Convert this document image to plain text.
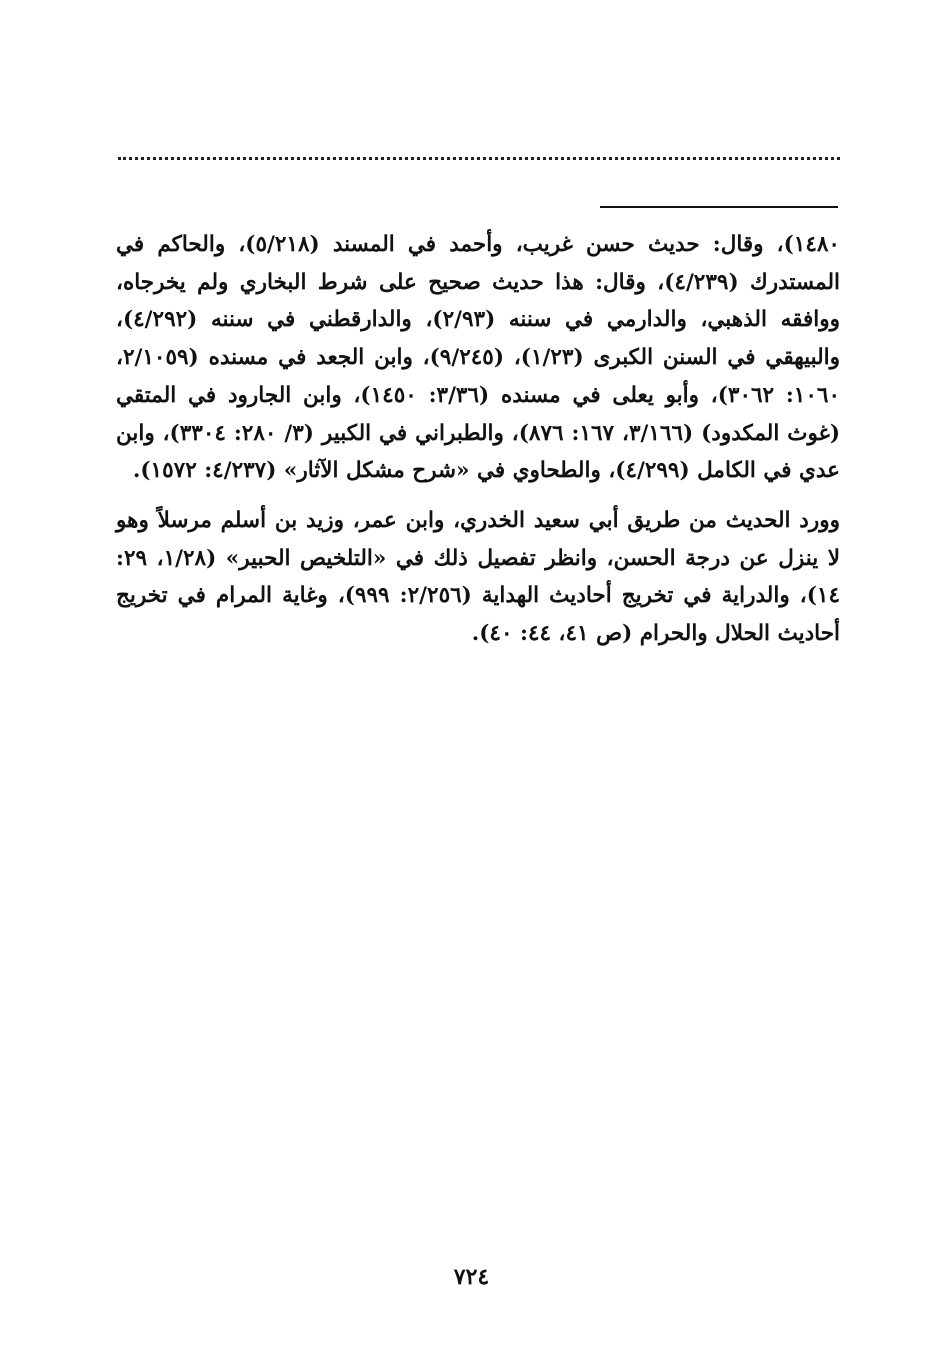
١٤٨٠)، وقال: حديث حسن غريب، وأحمد في المسند (٥/٢١٨)، والحاكم في المستدرك (٤/٢٣٩)، وقال: هذا حديث صحيح على شرط البخاري ولم يخرجاه، ووافقه الذهبي، والدارمي في سننه (٢/٩٣)، والدارقطني في سننه (٤/٢٩٢)، والبيهقي في السنن الكبرى (١/٢٣)، (٩/٢٤٥)، وابن الجعد في مسنده (٢/١٠٥٩، ١٠٦٠: ٣٠٦٢)، وأبو يعلى في مسنده (٣/٣٦: ١٤٥٠)، وابن الجارود في المتقي (غوث المكدود) (٣/١٦٦، ١٦٧: ٨٧٦)، والطبراني في الكبير (٣/ ٢٨٠: ٣٣٠٤)، وابن عدي في الكامل (٤/٢٩٩)، والطحاوي في «شرح مشكل الآثار» (٤/٢٣٧: ١٥٧٢).

وورد الحديث من طريق أبي سعيد الخدري، وابن عمر، وزيد بن أسلم مرسلاً وهو لا ينزل عن درجة الحسن، وانظر تفصيل ذلك في «التلخيص الحبير» (١/٢٨، ٢٩: ١٤)، والدراية في تخريج أحاديث الهداية (٢/٢٥٦: ٩٩٩)، وغاية المرام في تخريج أحاديث الحلال والحرام (ص ٤١، ٤٤: ٤٠).

٧٢٤
